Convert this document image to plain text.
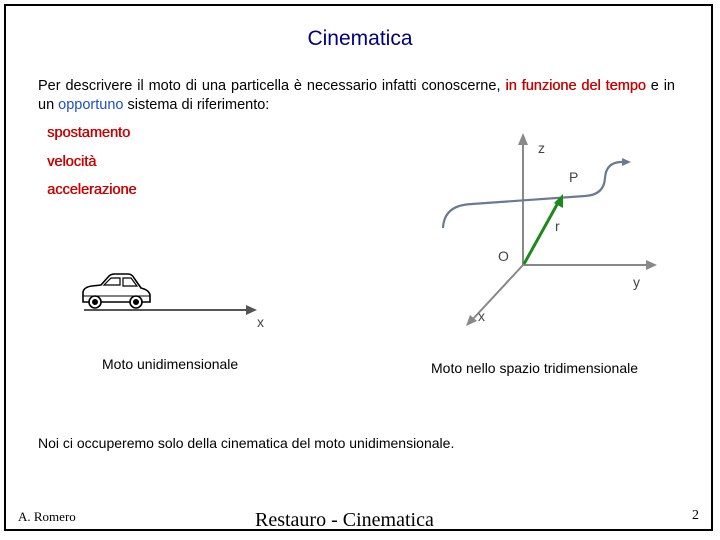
Cinematica
Per descrivere il moto di una particella è necessario infatti conoscerne, in funzione del tempo e in un opportuno sistema di riferimento:
spostamento
velocità
accelerazione
x
Moto unidimensionale
z
P
r
O
y
x
Moto nello spazio tridimensionale
Noi ci occuperemo solo della cinematica del moto unidimensionale.
A. Romero	Restauro - Cinematica	2
